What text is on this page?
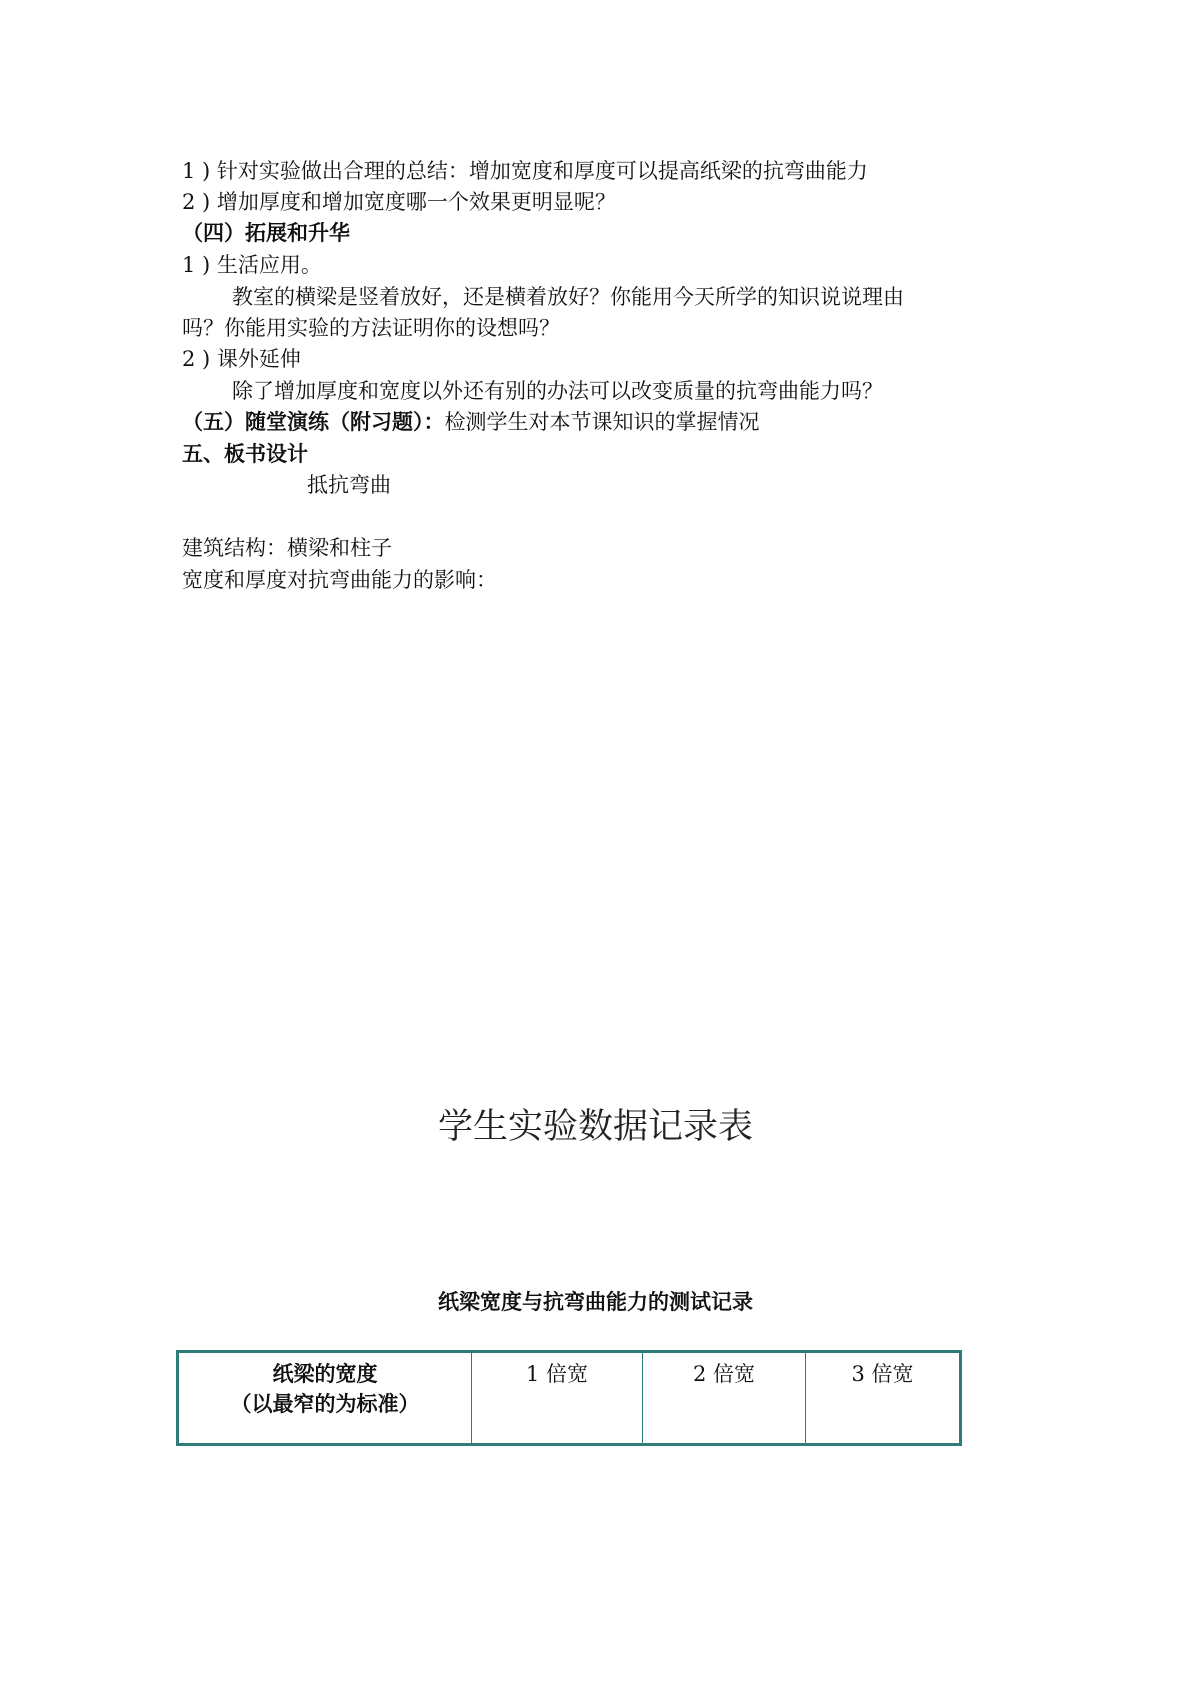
1 ) 针对实验做出合理的总结：增加宽度和厚度可以提高纸梁的抗弯曲能力
2 ) 增加厚度和增加宽度哪一个效果更明显呢？
（四）拓展和升华
1 ) 生活应用。
教室的横梁是竖着放好，还是横着放好？你能用今天所学的知识说说理由
吗？你能用实验的方法证明你的设想吗？
2 ) 课外延伸
除了增加厚度和宽度以外还有别的办法可以改变质量的抗弯曲能力吗？
（五）随堂演练（附习题）：检测学生对本节课知识的掌握情况
五、板书设计
抵抗弯曲
建筑结构：横梁和柱子
宽度和厚度对抗弯曲能力的影响：
学生实验数据记录表
纸梁宽度与抗弯曲能力的测试记录
纸梁的宽度
（以最窄的为标准）
	1 倍宽	2 倍宽	3 倍宽
